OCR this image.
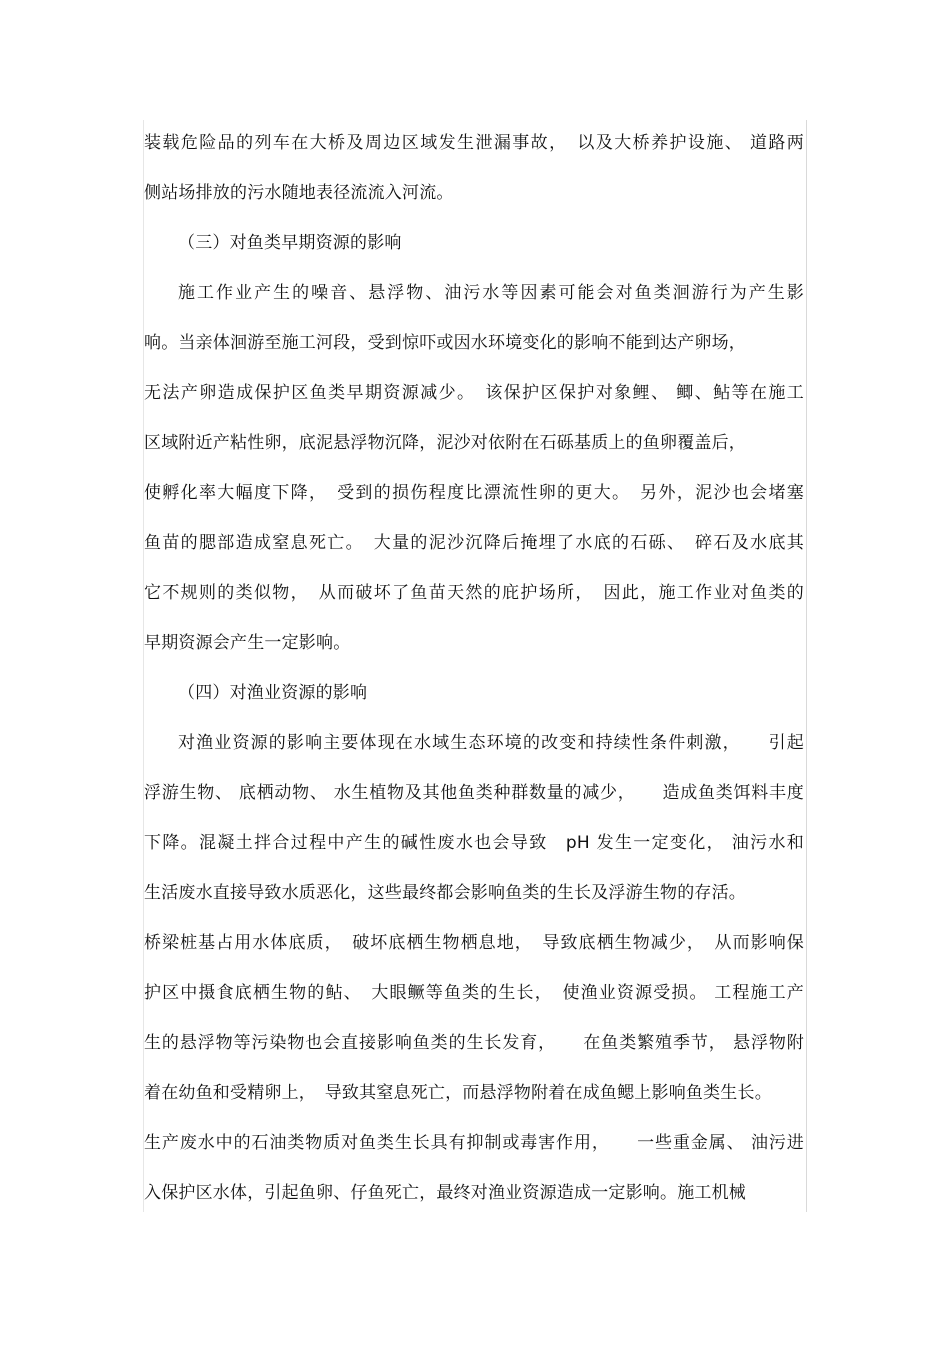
装载危险品的列车在大桥及周边区域发生泄漏事故，　以及大桥养护设施、 道路两
侧站场排放的污水随地表径流流入河流。
（三）对鱼类早期资源的影响
施工作业产生的噪音、悬浮物、油污水等因素可能会对鱼类洄游行为产生影
响。当亲体洄游至施工河段，受到惊吓或因水环境变化的影响不能到达产卵场，
无法产卵造成保护区鱼类早期资源减少。　该保护区保护对象鲤、 鲫、鲇等在施工
区域附近产粘性卵，底泥悬浮物沉降，泥沙对依附在石砾基质上的鱼卵覆盖后，
使孵化率大幅度下降，　受到的损伤程度比漂流性卵的更大。　另外，泥沙也会堵塞
鱼苗的腮部造成窒息死亡。　大量的泥沙沉降后掩埋了水底的石砾、　碎石及水底其
它不规则的类似物，　从而破坏了鱼苗天然的庇护场所，　因此，施工作业对鱼类的
早期资源会产生一定影响。
（四）对渔业资源的影响
对渔业资源的影响主要体现在水域生态环境的改变和持续性条件刺激，　　引起
浮游生物、 底栖动物、 水生植物及其他鱼类种群数量的减少，　　造成鱼类饵料丰度
下降。混凝土拌合过程中产生的碱性废水也会导致　pH 发生一定变化， 油污水和
生活废水直接导致水质恶化，这些最终都会影响鱼类的生长及浮游生物的存活。
桥梁桩基占用水体底质，　破坏底栖生物栖息地，　导致底栖生物减少，　从而影响保
护区中摄食底栖生物的鲇、　大眼鳜等鱼类的生长，　使渔业资源受损。 工程施工产
生的悬浮物等污染物也会直接影响鱼类的生长发育，　　在鱼类繁殖季节， 悬浮物附
着在幼鱼和受精卵上，　导致其窒息死亡，而悬浮物附着在成鱼鳃上影响鱼类生长。
生产废水中的石油类物质对鱼类生长具有抑制或毒害作用，　　一些重金属、 油污进
入保护区水体，引起鱼卵、仔鱼死亡，最终对渔业资源造成一定影响。施工机械
